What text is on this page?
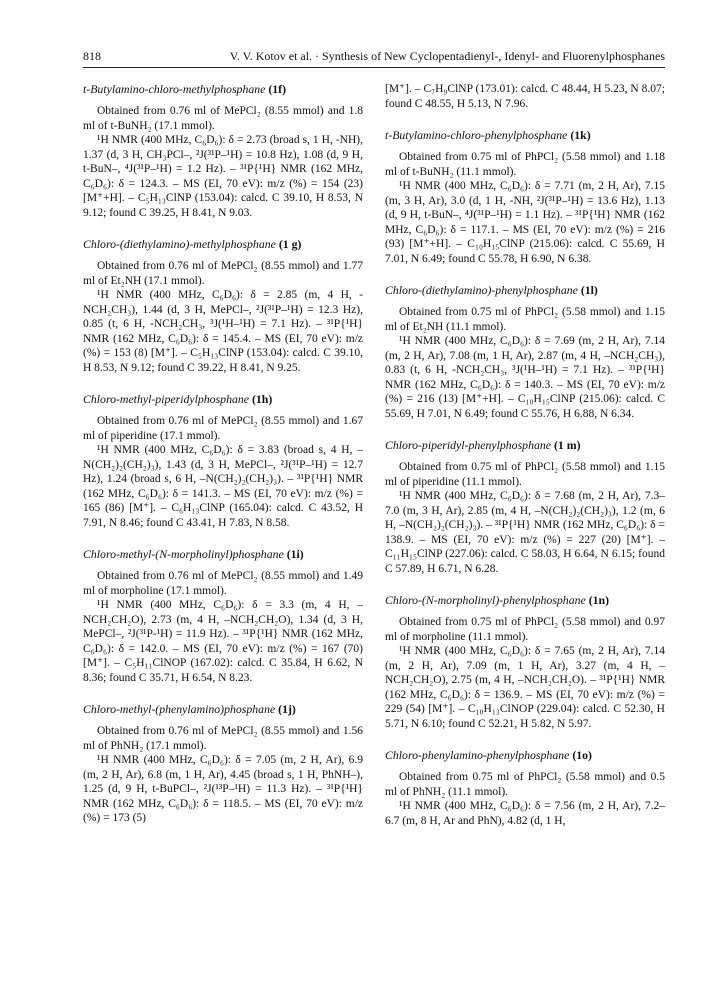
818	V. V. Kotov et al. · Synthesis of New Cyclopentadienyl-, Idenyl- and Fluorenylphosphanes

t-Butylamino-chloro-methylphosphane (1f)

Obtained from 0.76 ml of MePCl₂ (8.55 mmol) and 1.8 ml of t-BuNH₂ (17.1 mmol).

¹H NMR (400 MHz, C₆D₆): δ = 2.73 (broad s, 1 H, -NH), 1.37 (d, 3 H, CH₃PCl–, ²J(³¹P–¹H) = 10.8 Hz), 1.08 (d, 9 H, t-BuN–, ⁴J(³¹P–¹H) = 1.2 Hz). – ³¹P{¹H} NMR (162 MHz, C₆D₆): δ = 124.3. – MS (EI, 70 eV): m/z (%) = 154 (23) [M⁺+H]. – C₅H₁₃ClNP (153.04): calcd. C 39.10, H 8.53, N 9.12; found C 39.25, H 8.41, N 9.03.

Chloro-(diethylamino)-methylphosphane (1 g)

Obtained from 0.76 ml of MePCl₂ (8.55 mmol) and 1.77 ml of Et₂NH (17.1 mmol).

¹H NMR (400 MHz, C₆D₆): δ = 2.85 (m, 4 H, -NCH₂CH₃), 1.44 (d, 3 H, MePCl–, ²J(³¹P–¹H) = 12.3 Hz), 0.85 (t, 6 H, -NCH₂CH₃, ³J(¹H–¹H) = 7.1 Hz). – ³¹P{¹H} NMR (162 MHz, C₆D₆): δ = 145.4. – MS (EI, 70 eV): m/z (%) = 153 (8) [M⁺]. – C₅H₁₃ClNP (153.04): calcd. C 39.10, H 8.53, N 9.12; found C 39.22, H 8.41, N 9.25.

Chloro-methyl-piperidylphosphane (1h)

Obtained from 0.76 ml of MePCl₂ (8.55 mmol) and 1.67 ml of piperidine (17.1 mmol).

¹H NMR (400 MHz, C₆D₆): δ = 3.83 (broad s, 4 H, –N(CH₂)₂(CH₂)₃), 1.43 (d, 3 H, MePCl–, ²J(³¹P–¹H) = 12.7 Hz), 1.24 (broad s, 6 H, –N(CH₂)₂(CH₂)₃). – ³¹P{¹H} NMR (162 MHz, C₆D₆): δ = 141.3. – MS (EI, 70 eV): m/z (%) = 165 (86) [M⁺]. – C₆H₁₃ClNP (165.04): calcd. C 43.52, H 7.91, N 8.46; found C 43.41, H 7.83, N 8.58.

Chloro-methyl-(N-morpholinyl)phosphane (1i)

Obtained from 0.76 ml of MePCl₂ (8.55 mmol) and 1.49 ml of morpholine (17.1 mmol).

¹H NMR (400 MHz, C₆D₆): δ = 3.3 (m, 4 H, –NCH₂CH₂O), 2.73 (m, 4 H, –NCH₂CH₂O), 1.34 (d, 3 H, MePCl–, ²J(³¹P-¹H) = 11.9 Hz). – ³¹P{¹H} NMR (162 MHz, C₆D₆): δ = 142.0. – MS (EI, 70 eV): m/z (%) = 167 (70) [M⁺]. – C₅H₁₁ClNOP (167.02): calcd. C 35.84, H 6.62, N 8.36; found C 35.71, H 6.54, N 8.23.

Chloro-methyl-(phenylamino)phosphane (1j)

Obtained from 0.76 ml of MePCl₂ (8.55 mmol) and 1.56 ml of PhNH₂ (17.1 mmol).

¹H NMR (400 MHz, C₆D₆): δ = 7.05 (m, 2 H, Ar), 6.9 (m, 2 H, Ar), 6.8 (m, 1 H, Ar), 4.45 (broad s, 1 H, PhNH–), 1.25 (d, 9 H, t-BuPCl–, ²J(¹³P–¹H) = 11.3 Hz). – ³¹P{¹H} NMR (162 MHz, C₆D₆): δ = 118.5. – MS (EI, 70 eV): m/z (%) = 173 (5)

[M⁺]. – C₇H₉ClNP (173.01): calcd. C 48.44, H 5.23, N 8.07; found C 48.55, H 5.13, N 7.96.

t-Butylamino-chloro-phenylphosphane (1k)

Obtained from 0.75 ml of PhPCl₂ (5.58 mmol) and 1.18 ml of t-BuNH₂ (11.1 mmol).

¹H NMR (400 MHz, C₆D₆): δ = 7.71 (m, 2 H, Ar), 7.15 (m, 3 H, Ar), 3.0 (d, 1 H, -NH, ²J(³¹P–¹H) = 13.6 Hz), 1.13 (d, 9 H, t-BuN–, ⁴J(³¹P–¹H) = 1.1 Hz). – ³¹P{¹H} NMR (162 MHz, C₆D₆): δ = 117.1. – MS (EI, 70 eV): m/z (%) = 216 (93) [M⁺+H]. – C₁₀H₁₅ClNP (215.06): calcd. C 55.69, H 7.01, N 6.49; found C 55.78, H 6.90, N 6.38.

Chloro-(diethylamino)-phenylphosphane (1l)

Obtained from 0.75 ml of PhPCl₂ (5.58 mmol) and 1.15 ml of Et₂NH (11.1 mmol).

¹H NMR (400 MHz, C₆D₆): δ = 7.69 (m, 2 H, Ar), 7.14 (m, 2 H, Ar), 7.08 (m, 1 H, Ar), 2.87 (m, 4 H, –NCH₂CH₃), 0.83 (t, 6 H, -NCH₂CH₃, ³J(¹H–¹H) = 7.1 Hz). – ³¹P{¹H} NMR (162 MHz, C₆D₆): δ = 140.3. – MS (EI, 70 eV): m/z (%) = 216 (13) [M⁺+H]. – C₁₀H₁₅ClNP (215.06): calcd. C 55.69, H 7.01, N 6.49; found C 55.76, H 6.88, N 6.34.

Chloro-piperidyl-phenylphosphane (1 m)

Obtained from 0.75 ml of PhPCl₂ (5.58 mmol) and 1.15 ml of piperidine (11.1 mmol).

¹H NMR (400 MHz, C₆D₆): δ = 7.68 (m, 2 H, Ar), 7.3–7.0 (m, 3 H, Ar), 2.85 (m, 4 H, –N(CH₂)₂(CH₂)₃), 1.2 (m, 6 H, –N(CH₂)₂(CH₂)₃). – ³¹P{¹H} NMR (162 MHz, C₆D₆): δ = 138.9. – MS (EI, 70 eV): m/z (%) = 227 (20) [M⁺]. – C₁₁H₁₅ClNP (227.06): calcd. C 58.03, H 6.64, N 6.15; found C 57.89, H 6.71, N 6.28.

Chloro-(N-morpholinyl)-phenylphosphane (1n)

Obtained from 0.75 ml of PhPCl₂ (5.58 mmol) and 0.97 ml of morpholine (11.1 mmol).

¹H NMR (400 MHz, C₆D₆): δ = 7.65 (m, 2 H, Ar), 7.14 (m, 2 H, Ar), 7.09 (m, 1 H, Ar), 3.27 (m, 4 H, –NCH₂CH₂O), 2.75 (m, 4 H, –NCH₂CH₂O). – ³¹P{¹H} NMR (162 MHz, C₆D₆): δ = 136.9. – MS (EI, 70 eV): m/z (%) = 229 (54) [M⁺]. – C₁₀H₁₃ClNOP (229.04): calcd. C 52.30, H 5.71, N 6.10; found C 52.21, H 5.82, N 5.97.

Chloro-phenylamino-phenylphosphane (1o)

Obtained from 0.75 ml of PhPCl₂ (5.58 mmol) and 0.5 ml of PhNH₂ (11.1 mmol).

¹H NMR (400 MHz, C₆D₆): δ = 7.56 (m, 2 H, Ar), 7.2–6.7 (m, 8 H, Ar and PhN), 4.82 (d, 1 H,
